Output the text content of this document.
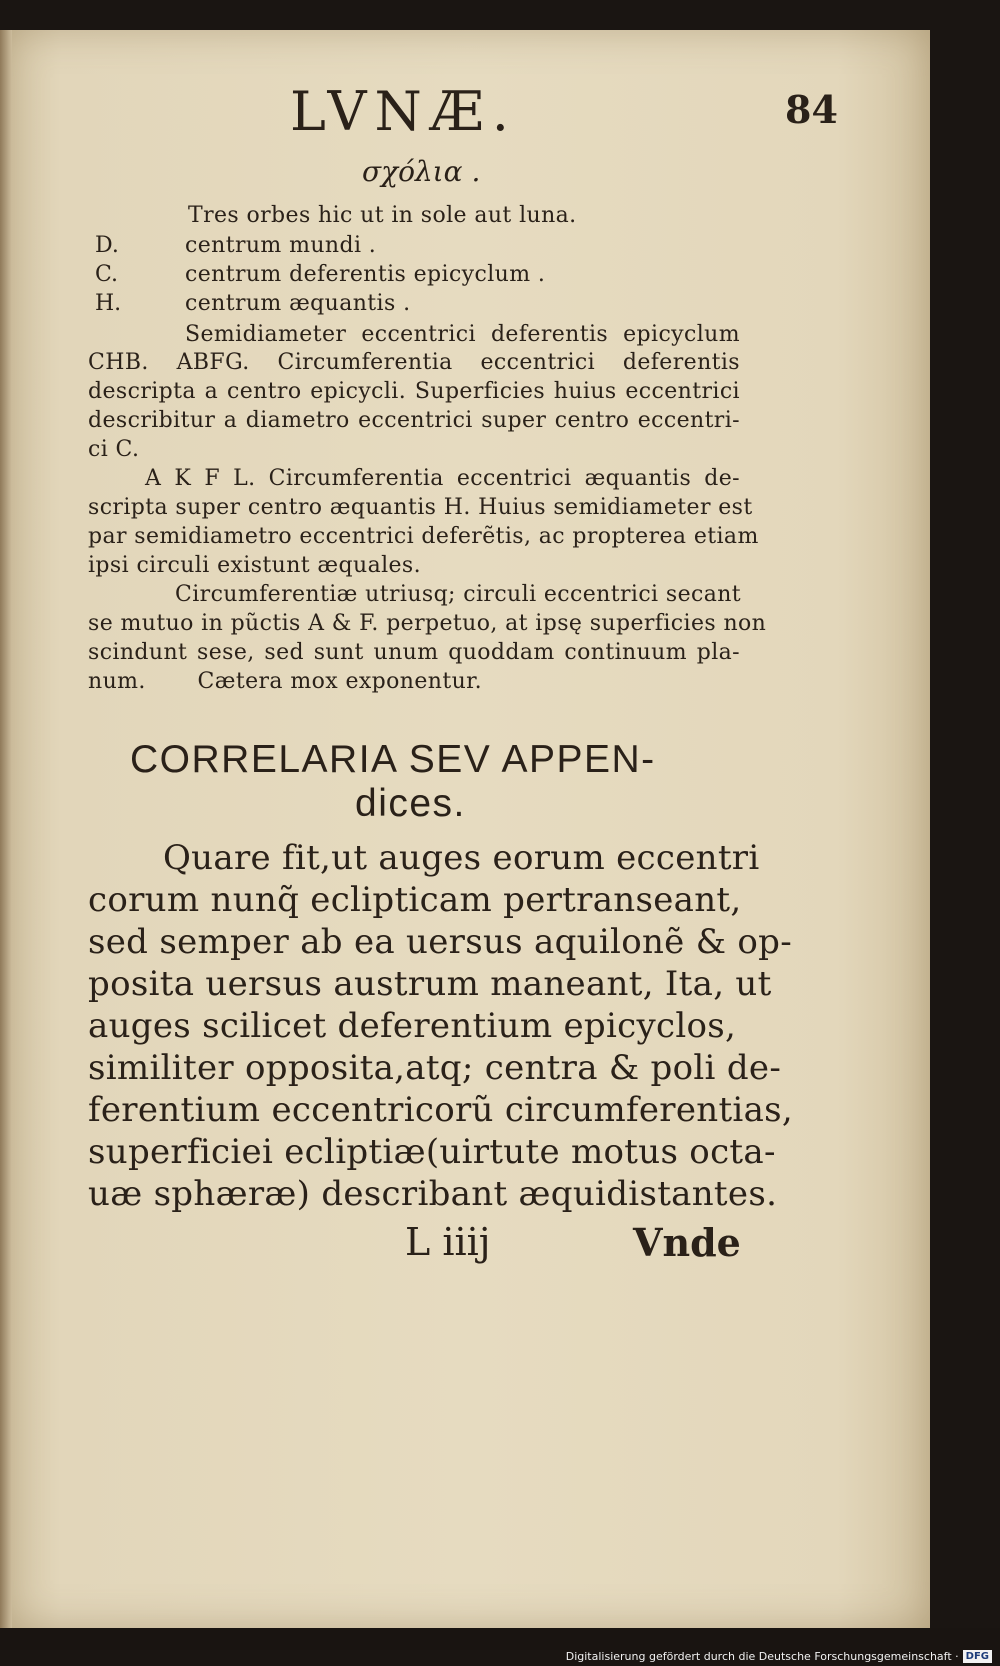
LVNÆ.	84
σχόλια .
Tres orbes hic ut in sole aut luna.
D.	centrum mundi .
C.	centrum deferentis epicyclum .
H.	centrum æquantis .
Semidiameter eccentrici deferentis epicyclum
CHB. ABFG. Circumferentia eccentrici deferentis
descripta a centro epicycli. Superficies huius eccentrici
describitur a diametro eccentrici super centro eccentri-
ci C.
A K F L. Circumferentia eccentrici æquantis de-
scripta super centro æquantis H. Huius semidiameter est
par semidiametro eccentrici deferẽtis, ac propterea etiam
ipsi circuli existunt æquales.
Circumferentiæ utriusq; circuli eccentrici secant
se mutuo in pũctis A & F. perpetuo, at ipsę superficies non
scindunt sese, sed sunt unum quoddam continuum pla-
num.       Cætera mox exponentur.
CORRELARIA SEV APPEN-
dices.
Quare fit,ut auges eorum eccentri
corum nunq̃ eclipticam pertranseant,
sed semper ab ea uersus aquilonẽ & op-
posita uersus austrum maneant, Ita, ut
auges scilicet deferentium epicyclos,
similiter opposita,atq; centra & poli de-
ferentium eccentricorũ circumferentias,
superficiei ecliptiæ(uirtute motus octa-
uæ sphæræ) describant æquidistantes.
L iiij	Vnde
Digitalisierung gefördert durch die Deutsche Forschungsgemeinschaft · DFG
